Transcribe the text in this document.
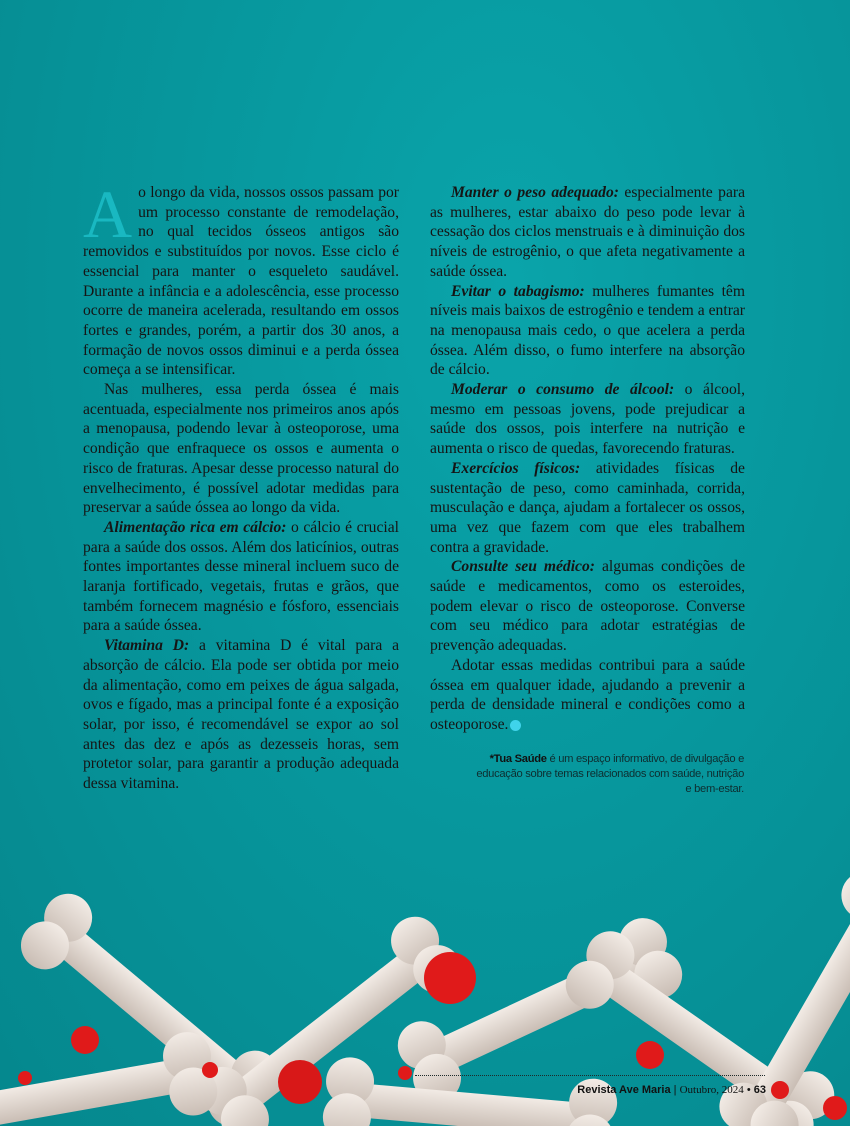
Ao longo da vida, nossos ossos passam por um processo constante de remodelação, no qual tecidos ósseos antigos são removidos e substituídos por novos. Esse ciclo é essencial para manter o esqueleto saudável. Durante a infância e a adolescência, esse processo ocorre de maneira acelerada, resultando em ossos fortes e grandes, porém, a partir dos 30 anos, a formação de novos ossos diminui e a perda óssea começa a se intensificar.

Nas mulheres, essa perda óssea é mais acentuada, especialmente nos primeiros anos após a menopausa, podendo levar à osteoporose, uma condição que enfraquece os ossos e aumenta o risco de fraturas. Apesar desse processo natural do envelhecimento, é possível adotar medidas para preservar a saúde óssea ao longo da vida.

Alimentação rica em cálcio: o cálcio é crucial para a saúde dos ossos. Além dos laticínios, outras fontes importantes desse mineral incluem suco de laranja fortificado, vegetais, frutas e grãos, que também fornecem magnésio e fósforo, essenciais para a saúde óssea.

Vitamina D: a vitamina D é vital para a absorção de cálcio. Ela pode ser obtida por meio da alimentação, como em peixes de água salgada, ovos e fígado, mas a principal fonte é a exposição solar, por isso, é recomendável se expor ao sol antes das dez e após as dezesseis horas, sem protetor solar, para garantir a produção adequada dessa vitamina.

Manter o peso adequado: especialmente para as mulheres, estar abaixo do peso pode levar à cessação dos ciclos menstruais e à diminuição dos níveis de estrogênio, o que afeta negativamente a saúde óssea.

Evitar o tabagismo: mulheres fumantes têm níveis mais baixos de estrogênio e tendem a entrar na menopausa mais cedo, o que acelera a perda óssea. Além disso, o fumo interfere na absorção de cálcio.

Moderar o consumo de álcool: o álcool, mesmo em pessoas jovens, pode prejudicar a saúde dos ossos, pois interfere na nutrição e aumenta o risco de quedas, favorecendo fraturas.

Exercícios físicos: atividades físicas de sustentação de peso, como caminhada, corrida, musculação e dança, ajudam a fortalecer os ossos, uma vez que fazem com que eles trabalhem contra a gravidade.

Consulte seu médico: algumas condições de saúde e medicamentos, como os esteroides, podem elevar o risco de osteoporose. Converse com seu médico para adotar estratégias de prevenção adequadas.

Adotar essas medidas contribui para a saúde óssea em qualquer idade, ajudando a prevenir a perda de densidade mineral e condições como a osteoporose.

*Tua Saúde é um espaço informativo, de divulgação e educação sobre temas relacionados com saúde, nutrição e bem-estar.
Revista Ave Maria | Outubro, 2024 • 63
